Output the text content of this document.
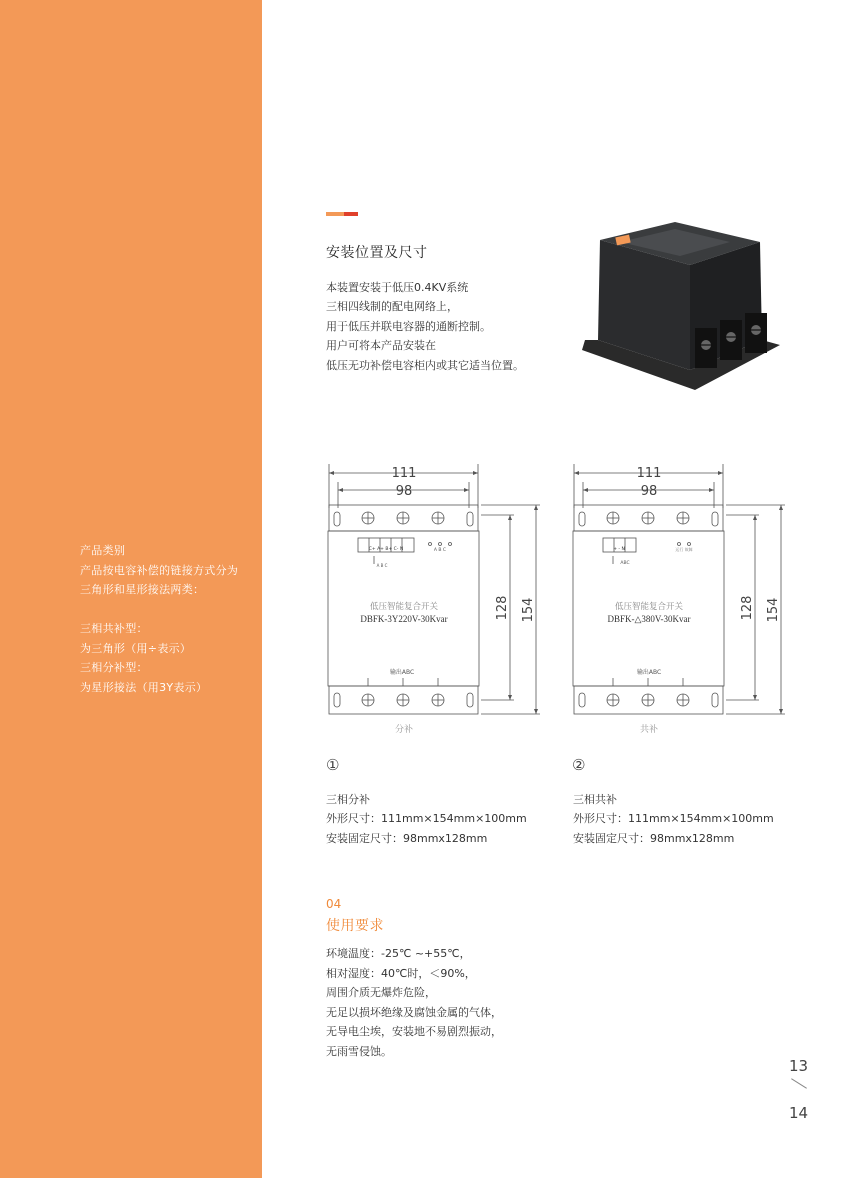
产品类别
产品按电容补偿的链接方式分为
三角形和星形接法两类：
三相共补型：
为三角形（用÷表示）
三相分补型：
为星形接法（用3Y表示）
安装位置及尺寸
本装置安装于低压0.4KV系统
三相四线制的配电网络上，
用于低压并联电容器的通断控制。
用户可将本产品安装在
低压无功补偿电容柜内或其它适当位置。
111
98
128 154
C+ A+ B+ C- N	A B C
A B C
低压智能复合开关
DBFK-3Y220V-30Kvar
输出ABC
分补
111
98
128 154
+ - N	运行 故障
ABC
低压智能复合开关
DBFK-△380V-30Kvar
输出ABC
共补
①
三相分补
外形尺寸：111mm×154mm×100mm
安装固定尺寸：98mmx128mm
②
三相共补
外形尺寸：111mm×154mm×100mm
安装固定尺寸：98mmx128mm
04
使用要求
环境温度：-25℃ ~+55℃，
相对湿度：40℃时，＜90%，
周围介质无爆炸危险，
无足以损坏绝缘及腐蚀金属的气体，
无导电尘埃，安装地不易剧烈振动，
无雨雪侵蚀。
13
14
